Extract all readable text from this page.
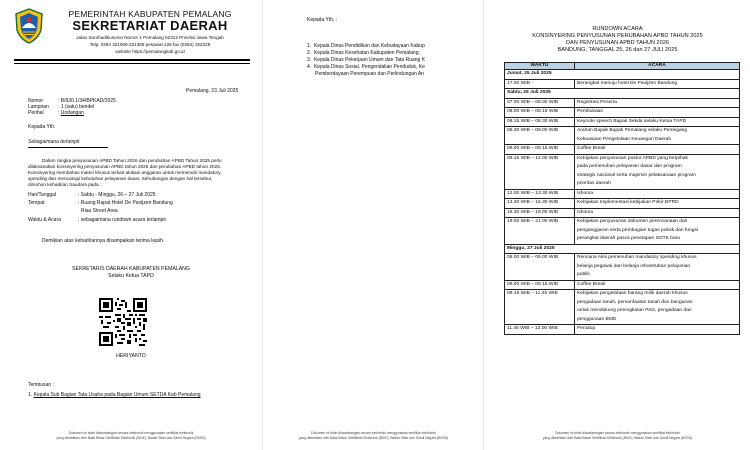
PEMERINTAH KABUPATEN PEMALANG
SEKRETARIAT DAERAH
Jalan Surohadikusumo Nomor 1 Pemalang 52312 Provinsi Jawa Tengah
Telp. 0284 321068-321368 pesawat 226 fax (0284) 322229
website https://pemalangkab.go.id
Pemalang, 23 Juli 2025
Nomor	: B/930.1/34/BPKAD/2025
Lampiran : 1 (satu) bendel
Perihal	: Undangan
Kepada Yth.
Sebagaimana terlampir
Dalam rangka penyusunan APBD Tahun 2026 dan perubahan APBD Tahun 2025 perlu
dilaksanakan konsinyering penyusunan APBD tahun 2026 dan perubahan APBD tahun 2025.
Konsinyering membahas materi khusus terkait alokasi anggaran untuk memenuhi mandatory
spending dan mencukupi kebutuhan pelayanan dasar. Sehubungan dengan hal tersebut,
dimohon kehadiran Saudara pada :
Hari/Tanggal	: Sabtu - Minggu, 26 – 27 Juli 2025
Tempat	: Ruang Rapat Hotel De Pavijzen Bandung
Riau Street Area
Waktu & Acara	: sebagaimana rundown acara terlampir
Demikian atas kehadirannya disampaikan terima kasih.
SEKRETARIS DAERAH KABUPATEN PEMALANG
Selaku Ketua TAPD
HERIYANTO
Tembusan :
1. Kepala Sub Bagian Tata Usaha pada Bagian Umum SETDA Kab Pemalang
Dokumen ini telah ditandatangani secara elektronik menggunakan sertifikat elektronik
yang diterbitkan oleh Balai Besar Sertifikasi Elektronik (BSrE), Badan Siber dan Sandi Negara (BSSN)
Kepada Yth. :
1.  Kepala Dinas Pendidikan dan Kebudayaan Kabup
2.  Kepala Dinas Kesehatan Kabupaten Pemalang;
3.  Kepala Dinas Pekerjaan Umum dan Tata Ruang K
4.  Kepala Dinas Sosial, Pengendalian Penduduk, Ke
Pemberdayaan Perempuan dan Perlindungan An
Dokumen ini telah ditandatangani secara elektronik menggunakan sertifikat elektronik
yang diterbitkan oleh Balai Besar Sertifikasi Elektronik (BSrE), Badan Siber dan Sandi Negara (BSSN)
RUNDOWN ACARA
KONSINYERING PENYUSUNAN PERUBAHAN APBD TAHUN 2025
DAN PENYUSUNAN APBD TAHUN 2026
BANDUNG, TANGGAL 25, 26 dan 27 JULI 2025
WAKTU	ACARA
Jumat, 25 Juli 2025	
17.00 WIB -	Berangkat menuju hotel De Pavijzen Bandung

Sabtu, 26 Juli 2025	
07.00 WIB – 08.00 WIB	Registrasi Peserta

08.00 WIB – 08.15 WIB	Pembukaan

08.15 WIB – 08.30 WIB	Keynote speech Bapak Sekda selaku Ketua TAPD

08.30 WIB – 09.00 WIB	Arahan Bapak Bupati Pemalang selaku Pemegang
Kekuasaan Pengelolaan Keuangan Daerah

09.00 WIB – 09.15 WIB	Coffee Break

09.15 WIB – 12.00 WIB	Kebijakan penyusunan postur APBD yang berpihak
pada pemenuhan pelayanan dasar dan program
strategis nasional serta majemin pelaksanaan program
prioritas daerah

12.00 WIB – 13.30 WIB	Ishoma

13.30 WIB – 16.30 WIB	Kebijakan Implementasi kebijakan Pokir DPRD

16.30 WIB – 19.00 WIB	Ishoma

19.00 WIB – 21.00 WIB	Kebijakan penyusunan dokumen perencanaan dan
penganggaran serta pembagian tugas pokok dan fungsi
perangkat daerah pasca penetapan SOTK baru

Minggu, 27 Juli 2025	
08.00 WIB – 09.00 WIB	Rencana Aksi pemenuhan mandatory spending khusus
belanja pegawai dan belanja infrastruktur pelayanan
publik

09.00 WIB – 09.15 WIB	Coffee Break

09.15 WIB – 11.45 WIB	Kebijakan pengelolaan barang milik daerah khusus
pengadaan tanah, pemanfaatan tanah dan bangunan
untuk mendukung peningkatan PAD, pengadaan dan
penggunaan BMD

11.45 WIB – 12.00 WIB	Penutup
Dokumen ini telah ditandatangani secara elektronik menggunakan sertifikat elektronik
yang diterbitkan oleh Balai Besar Sertifikasi Elektronik (BSrE), Badan Siber dan Sandi Negara (BSSN)
